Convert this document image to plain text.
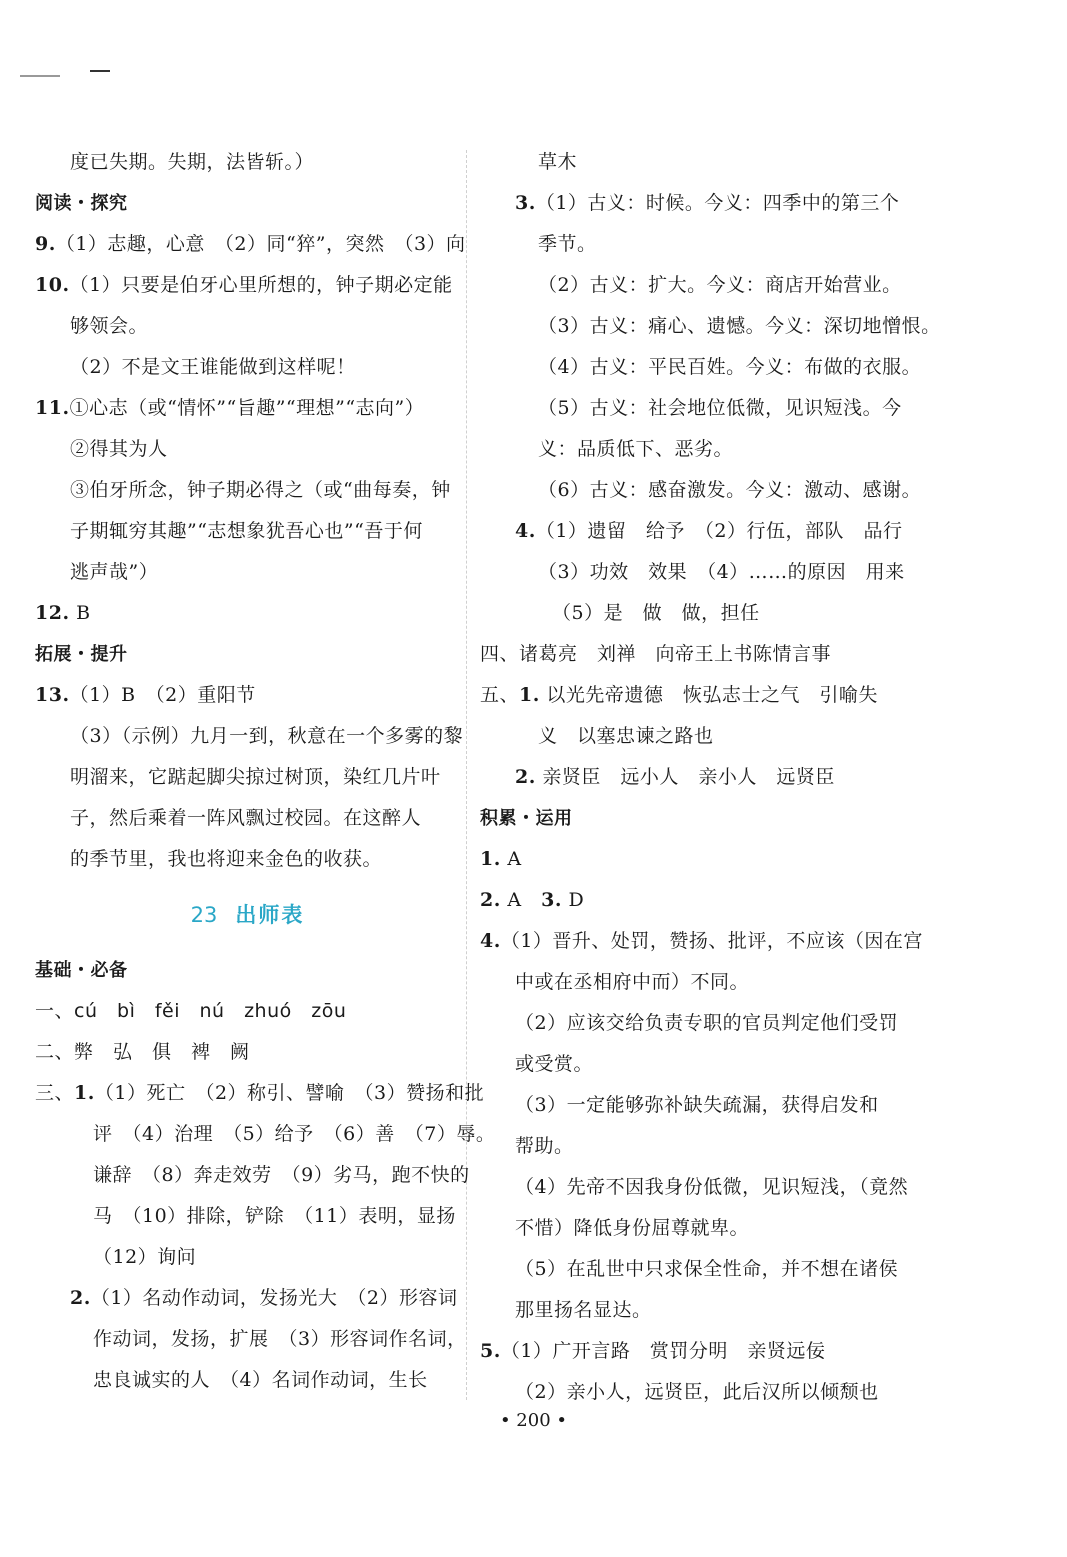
度已失期。失期，法皆斩。）
阅读・探究
9.（1）志趣，心意　（2）同“猝”，突然　（3）向
10.（1）只要是伯牙心里所想的，钟子期必定能
够领会。
（2）不是文王谁能做到这样呢！
11.①心志（或“情怀”“旨趣”“理想”“志向”）
②得其为人
③伯牙所念，钟子期必得之（或“曲每奏，钟
子期辄穷其趣”“志想象犹吾心也”“吾于何
逃声哉”）
12. B
拓展・提升
13.（1）B　（2）重阳节
（3）（示例）九月一到，秋意在一个多雾的黎
明溜来，它踮起脚尖掠过树顶，染红几片叶
子，然后乘着一阵风飘过校园。在这醉人
的季节里，我也将迎来金色的收获。
23 出师表
基础・必备
一、cú　bì　fěi　nú　zhuó　zōu
二、弊　弘　俱　裨　阙
三、1.（1）死亡　（2）称引、譬喻　（3）赞扬和批
评　（4）治理　（5）给予　（6）善　（7）辱。
谦辞　（8）奔走效劳　（9）劣马，跑不快的
马　（10）排除，铲除　（11）表明，显扬
（12）询问
2.（1）名动作动词，发扬光大　（2）形容词
作动词，发扬，扩展　（3）形容词作名词，
忠良诚实的人　（4）名词作动词，生长
草木
3.（1）古义：时候。今义：四季中的第三个
季节。
（2）古义：扩大。今义：商店开始营业。
（3）古义：痛心、遗憾。今义：深切地憎恨。
（4）古义：平民百姓。今义：布做的衣服。
（5）古义：社会地位低微，见识短浅。今
义：品质低下、恶劣。
（6）古义：感奋激发。今义：激动、感谢。
4.（1）遗留　给予　（2）行伍，部队　品行
（3）功效　效果　（4）……的原因　用来
（5）是　做　做，担任
四、诸葛亮　刘禅　向帝王上书陈情言事
五、1. 以光先帝遗德　恢弘志士之气　引喻失
义　以塞忠谏之路也
2. 亲贤臣　远小人　亲小人　远贤臣
积累・运用
1. A
2. A　 3. D
4.（1）晋升、处罚，赞扬、批评，不应该（因在宫
中或在丞相府中而）不同。
（2）应该交给负责专职的官员判定他们受罚
或受赏。
（3）一定能够弥补缺失疏漏，获得启发和
帮助。
（4）先帝不因我身份低微，见识短浅，（竟然
不惜）降低身份屈尊就卑。
（5）在乱世中只求保全性命，并不想在诸侯
那里扬名显达。
5.（1）广开言路　赏罚分明　亲贤远佞
（2）亲小人，远贤臣，此后汉所以倾颓也
• 200 •
